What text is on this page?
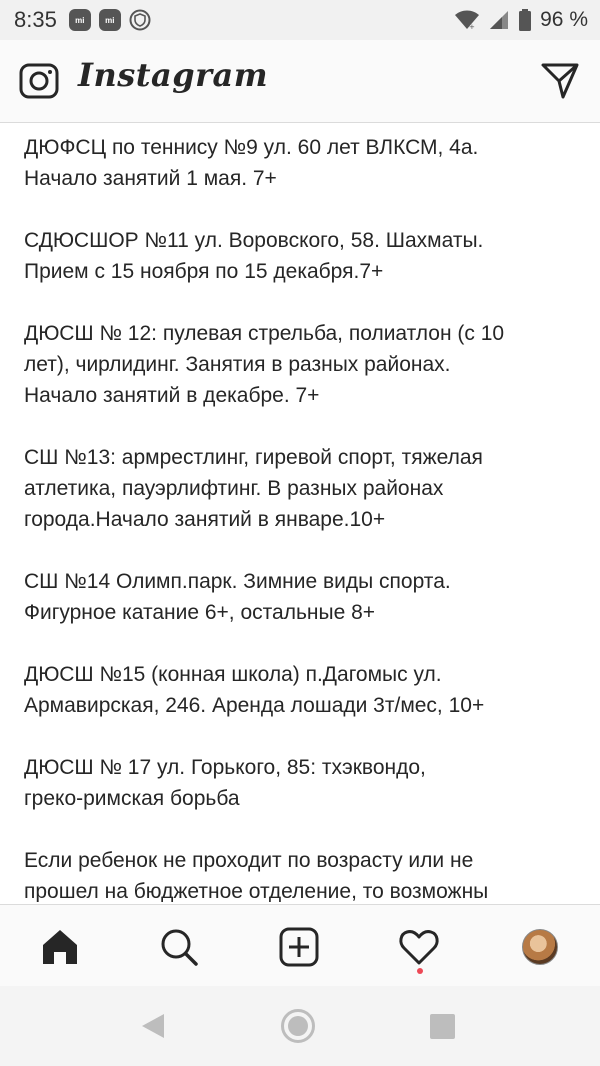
8:35 mi	mi
+	96 %
Instagram

ДЮФСЦ по теннису №9 ул. 60 лет ВЛКСМ, 4а.
Начало занятий 1 мая. 7+

СДЮСШОР №11 ул. Воровского, 58. Шахматы.
Прием с 15 ноября по 15 декабря.7+

ДЮСШ № 12: пулевая стрельба, полиатлон (с 10
лет), чирлидинг. Занятия в разных районах.
Начало занятий в декабре. 7+

СШ №13: армрестлинг, гиревой спорт, тяжелая
атлетика, пауэрлифтинг. В разных районах
города.Начало занятий в январе.10+

СШ №14 Олимп.парк. Зимние виды спорта.
Фигурное катание 6+, остальные 8+

ДЮСШ №15 (конная школа) п.Дагомыс ул.
Армавирская, 246. Аренда лошади 3т/мес, 10+

ДЮСШ № 17 ул. Горького, 85: тхэквондо,
греко-римская борьба

Если ребенок не проходит по возрасту или не
прошел на бюджетное отделение, то возможны
